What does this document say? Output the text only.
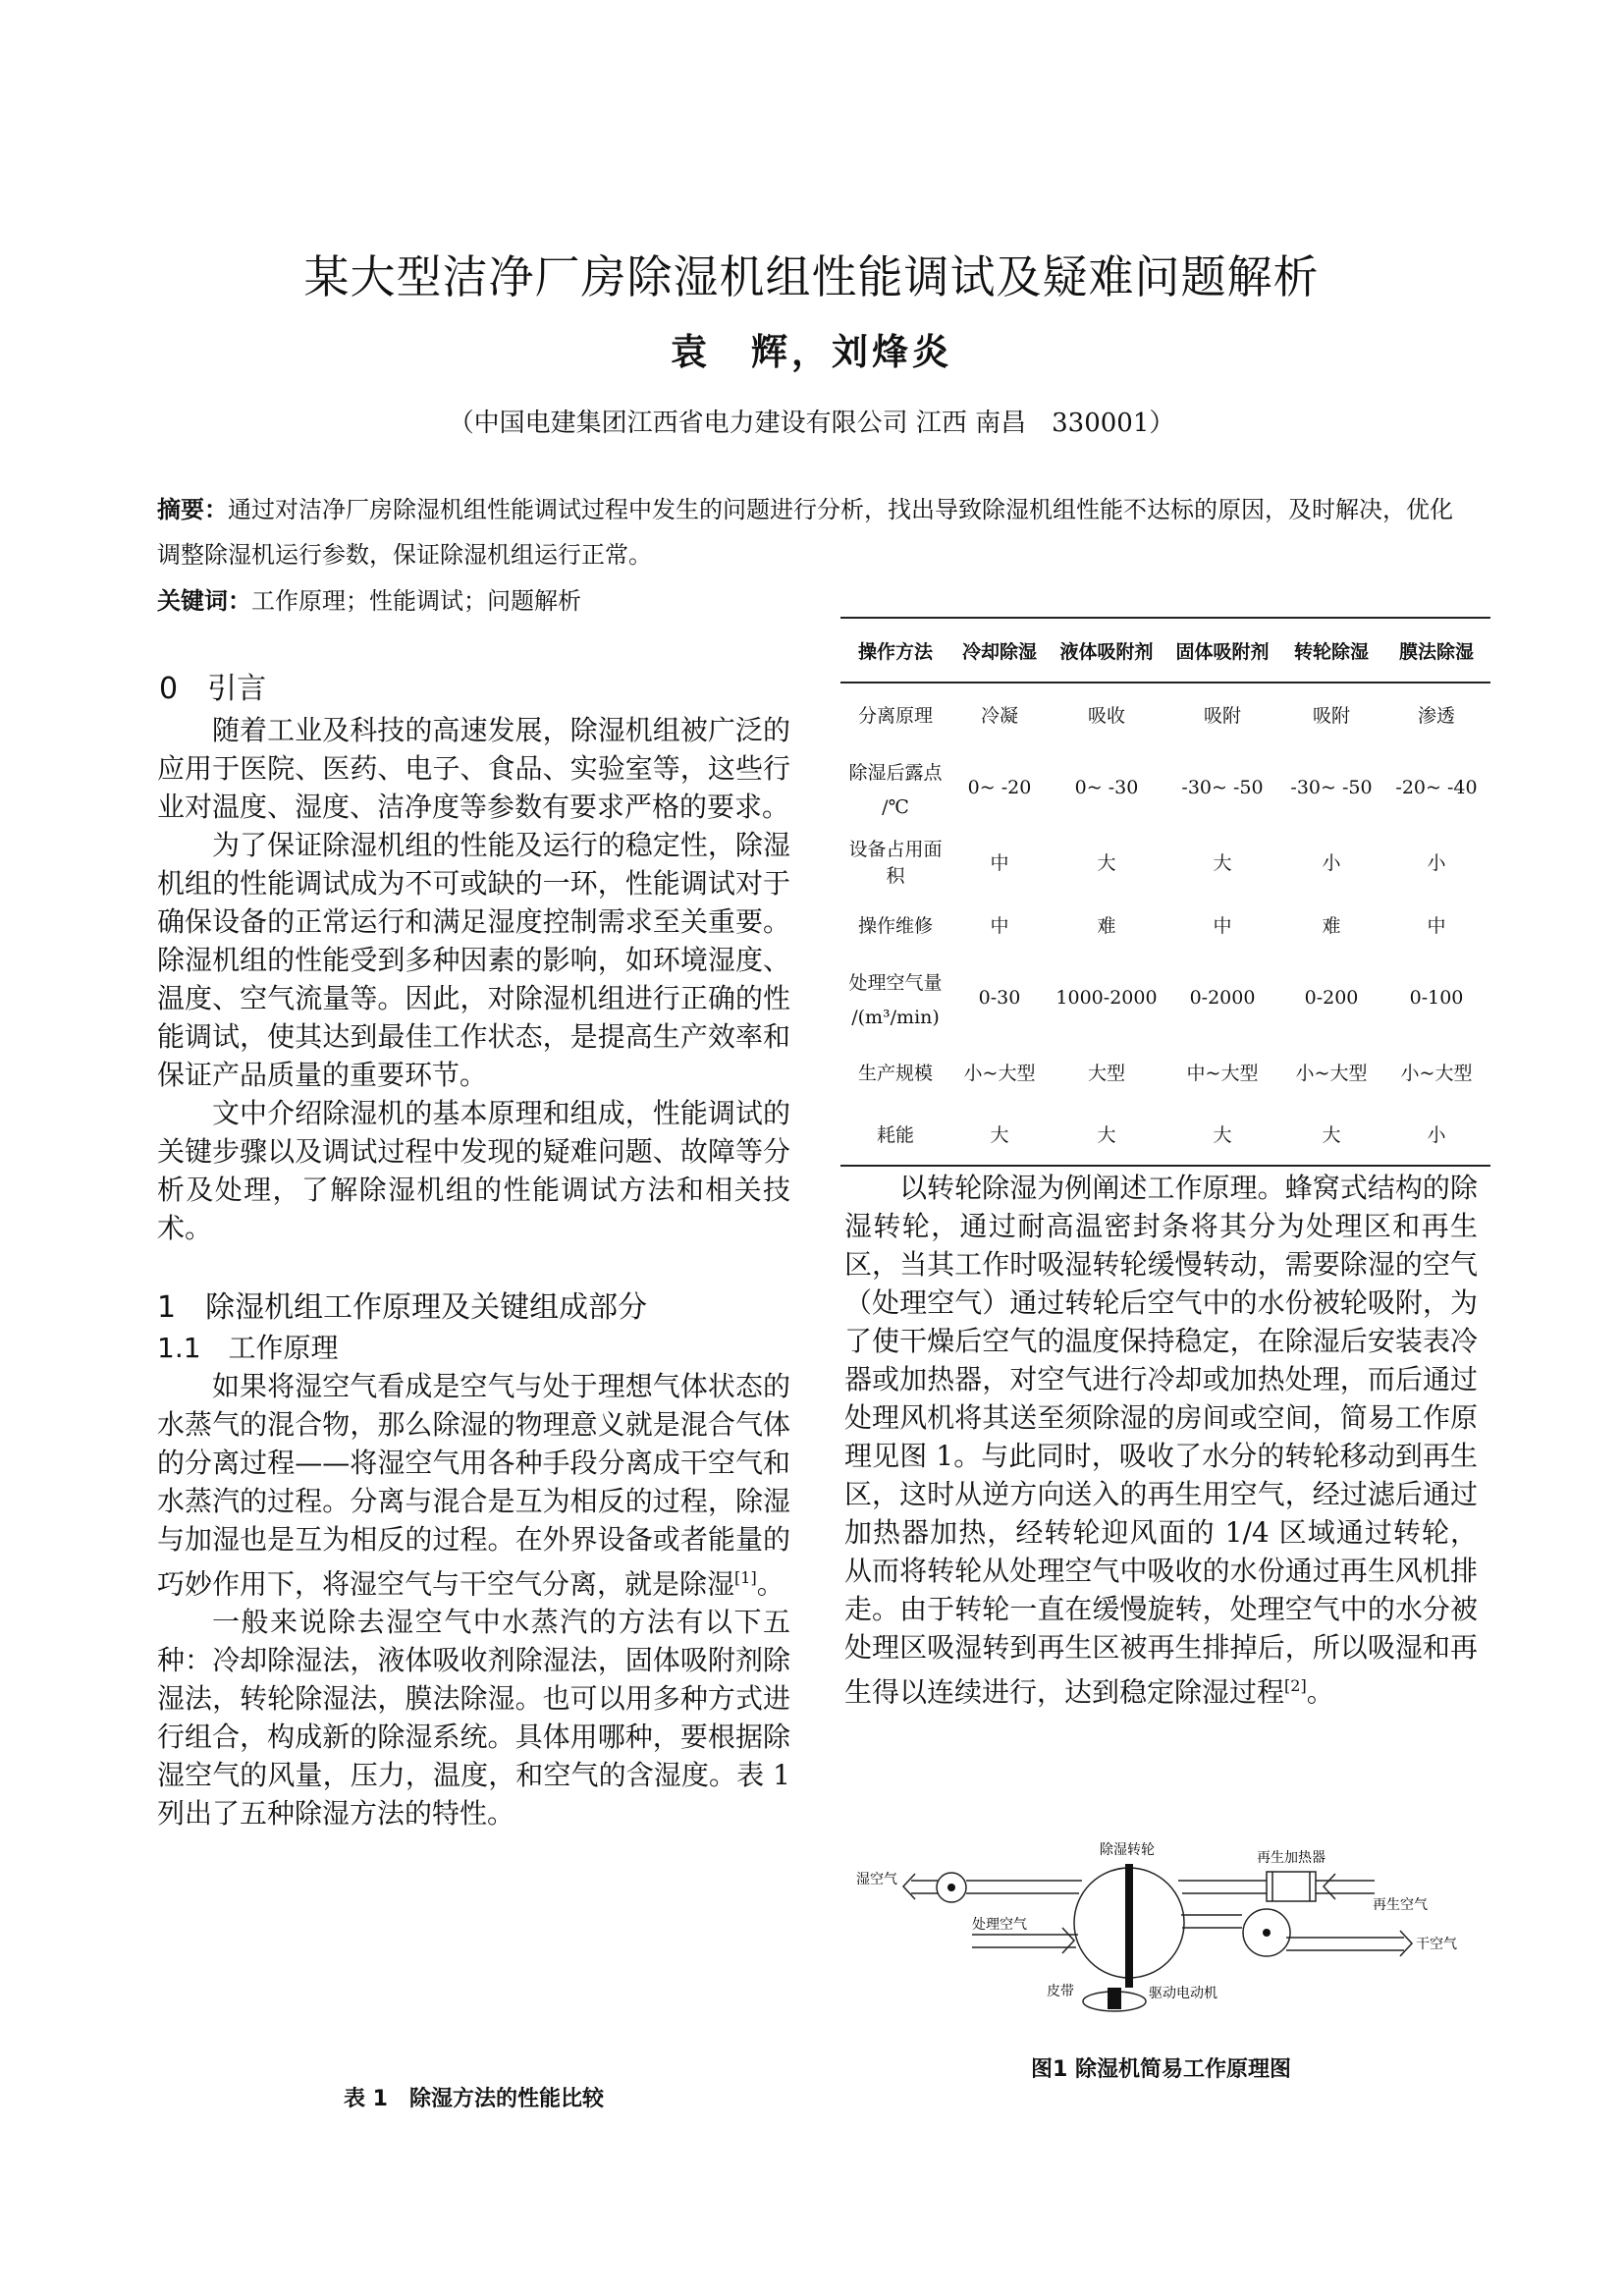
某大型洁净厂房除湿机组性能调试及疑难问题解析
袁　辉，刘烽炎
（中国电建集团江西省电力建设有限公司 江西 南昌　330001）
摘要：通过对洁净厂房除湿机组性能调试过程中发生的问题进行分析，找出导致除湿机组性能不达标的原因，及时解决，优化调整除湿机运行参数，保证除湿机组运行正常。
关键词：工作原理；性能调试；问题解析
0　引言

随着工业及科技的高速发展，除湿机组被广泛的应用于医院、医药、电子、食品、实验室等，这些行业对温度、湿度、洁净度等参数有要求严格的要求。

为了保证除湿机组的性能及运行的稳定性，除湿机组的性能调试成为不可或缺的一环，性能调试对于确保设备的正常运行和满足湿度控制需求至关重要。除湿机组的性能受到多种因素的影响，如环境湿度、温度、空气流量等。因此，对除湿机组进行正确的性能调试，使其达到最佳工作状态，是提高生产效率和保证产品质量的重要环节。

文中介绍除湿机的基本原理和组成，性能调试的关键步骤以及调试过程中发现的疑难问题、故障等分析及处理，了解除湿机组的性能调试方法和相关技术。

1　除湿机组工作原理及关键组成部分
1.1　工作原理

如果将湿空气看成是空气与处于理想气体状态的水蒸气的混合物，那么除湿的物理意义就是混合气体的分离过程——将湿空气用各种手段分离成干空气和水蒸汽的过程。分离与混合是互为相反的过程，除湿与加湿也是互为相反的过程。在外界设备或者能量的巧妙作用下，将湿空气与干空气分离，就是除湿[1]。

一般来说除去湿空气中水蒸汽的方法有以下五种：冷却除湿法，液体吸收剂除湿法，固体吸附剂除湿法，转轮除湿法，膜法除湿。也可以用多种方式进行组合，构成新的除湿系统。具体用哪种，要根据除湿空气的风量，压力，温度，和空气的含湿度。表 1 列出了五种除湿方法的特性。

操作方法	冷却除湿	液体吸附剂	固体吸附剂	转轮除湿	膜法除湿
分离原理	冷凝	吸收	吸附	吸附	渗透

除湿后露点
/℃	0~ -20	0~ -30	-30~ -50	-30~ -50	-20~ -40
设备占用面积	中	大	大	小	小
操作维修	中	难	中	难	中

处理空气量
/(m³/min)	0-30	1000-2000	0-2000	0-200	0-100
生产规模	小~大型	大型	中~大型	小~大型	小~大型
耗能	大	大	大	大	小

以转轮除湿为例阐述工作原理。蜂窝式结构的除湿转轮，通过耐高温密封条将其分为处理区和再生区，当其工作时吸湿转轮缓慢转动，需要除湿的空气（处理空气）通过转轮后空气中的水份被轮吸附，为了使干燥后空气的温度保持稳定，在除湿后安装表冷器或加热器，对空气进行冷却或加热处理，而后通过处理风机将其送至须除湿的房间或空间，简易工作原理见图 1。与此同时，吸收了水分的转轮移动到再生区，这时从逆方向送入的再生用空气，经过滤后通过加热器加热，经转轮迎风面的 1/4 区域通过转轮，从而将转轮从处理空气中吸收的水份通过再生风机排走。由于转轮一直在缓慢旋转，处理空气中的水分被处理区吸湿转到再生区被再生排掉后，所以吸湿和再生得以连续进行，达到稳定除湿过程[2]。

湿空气
除湿转轮	再生加热器
再生空气
处理空气
干空气
皮带	驱动电动机
图1 除湿机简易工作原理图
表 1　除湿方法的性能比较
